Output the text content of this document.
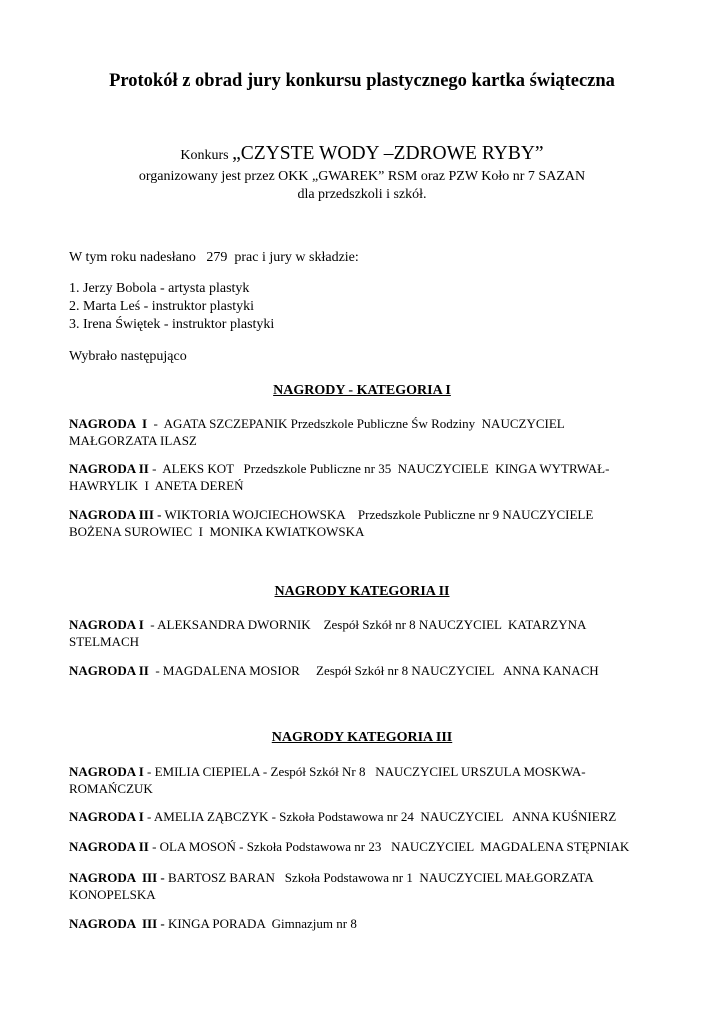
Protokół z obrad jury konkursu plastycznego kartka świąteczna
Konkurs „CZYSTE WODY –ZDROWE RYBY”
organizowany jest przez OKK „GWAREK” RSM oraz PZW Koło nr 7 SAZAN
dla przedszkoli i szkół.
W tym roku nadesłano   279  prac i jury w składzie:
1. Jerzy Bobola - artysta plastyk
2. Marta Leś - instruktor plastyki
3. Irena Świętek - instruktor plastyki
Wybrało następująco
NAGRODY - KATEGORIA I
NAGRODA  I  -  AGATA SZCZEPANIK Przedszkole Publiczne Św Rodziny  NAUCZYCIEL
MAŁGORZATA ILASZ
NAGRODA II -  ALEKS KOT   Przedszkole Publiczne nr 35  NAUCZYCIELE  KINGA WYTRWAŁ-
HAWRYLIK  I  ANETA DEREŃ
NAGRODA III - WIKTORIA WOJCIECHOWSKA    Przedszkole Publiczne nr 9 NAUCZYCIELE
BOŻENA SUROWIEC  I  MONIKA KWIATKOWSKA
NAGRODY KATEGORIA II
NAGRODA I  - ALEKSANDRA DWORNIK    Zespół Szkół nr 8 NAUCZYCIEL  KATARZYNA
STELMACH
NAGRODA II  - MAGDALENA MOSIOR     Zespół Szkół nr 8 NAUCZYCIEL   ANNA KANACH
NAGRODY KATEGORIA III
NAGRODA I - EMILIA CIEPIELA - Zespół Szkół Nr 8   NAUCZYCIEL URSZULA MOSKWA-
ROMAŃCZUK
NAGRODA I - AMELIA ZĄBCZYK - Szkoła Podstawowa nr 24  NAUCZYCIEL   ANNA KUŚNIERZ
NAGRODA II - OLA MOSOŃ - Szkoła Podstawowa nr 23   NAUCZYCIEL  MAGDALENA STĘPNIAK
NAGRODA  III - BARTOSZ BARAN   Szkoła Podstawowa nr 1  NAUCZYCIEL MAŁGORZATA
KONOPELSKA
NAGRODA  III - KINGA PORADA  Gimnazjum nr 8
